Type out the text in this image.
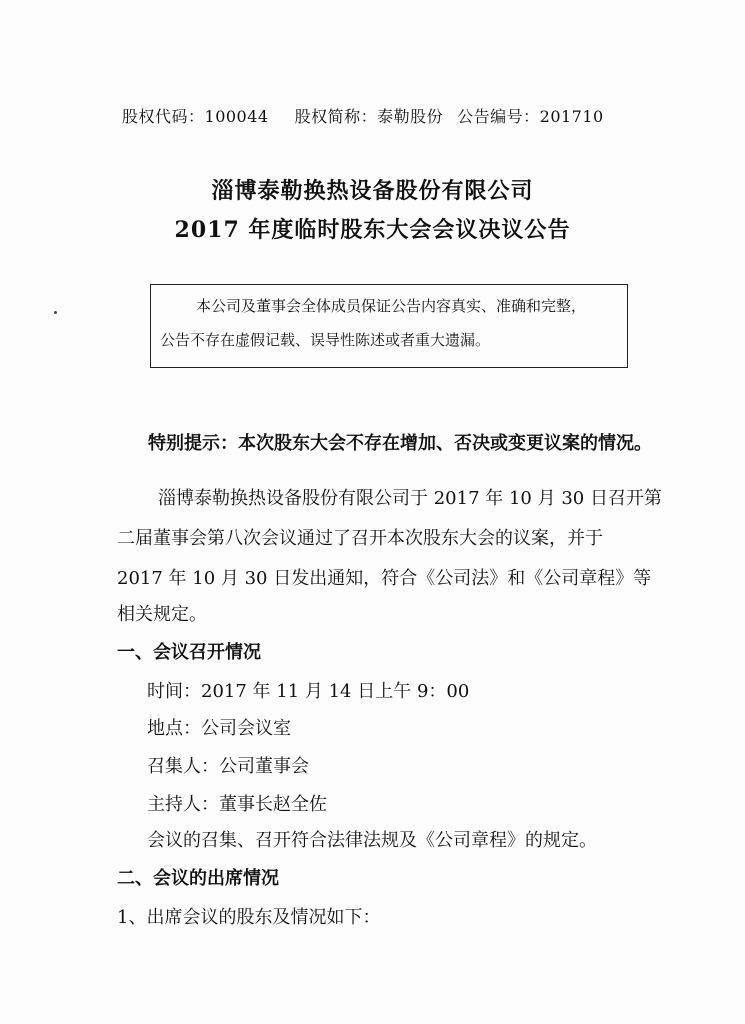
股权代码：100044 股权简称：泰勒股份 公告编号：201710
淄博泰勒换热设备股份有限公司
2017 年度临时股东大会会议决议公告
本公司及董事会全体成员保证公告内容真实、准确和完整，
公告不存在虚假记载、误导性陈述或者重大遗漏。
特别提示：本次股东大会不存在增加、否决或变更议案的情况。
淄博泰勒换热设备股份有限公司于 2017 年 10 月 30 日召开第
二届董事会第八次会议通过了召开本次股东大会的议案，并于
2017 年 10 月 30 日发出通知，符合《公司法》和《公司章程》等
相关规定。
一、会议召开情况
时间：2017 年 11 月 14 日上午 9：00
地点：公司会议室
召集人：公司董事会
主持人：董事长赵全佐
会议的召集、召开符合法律法规及《公司章程》的规定。
二、会议的出席情况
1、出席会议的股东及情况如下：
